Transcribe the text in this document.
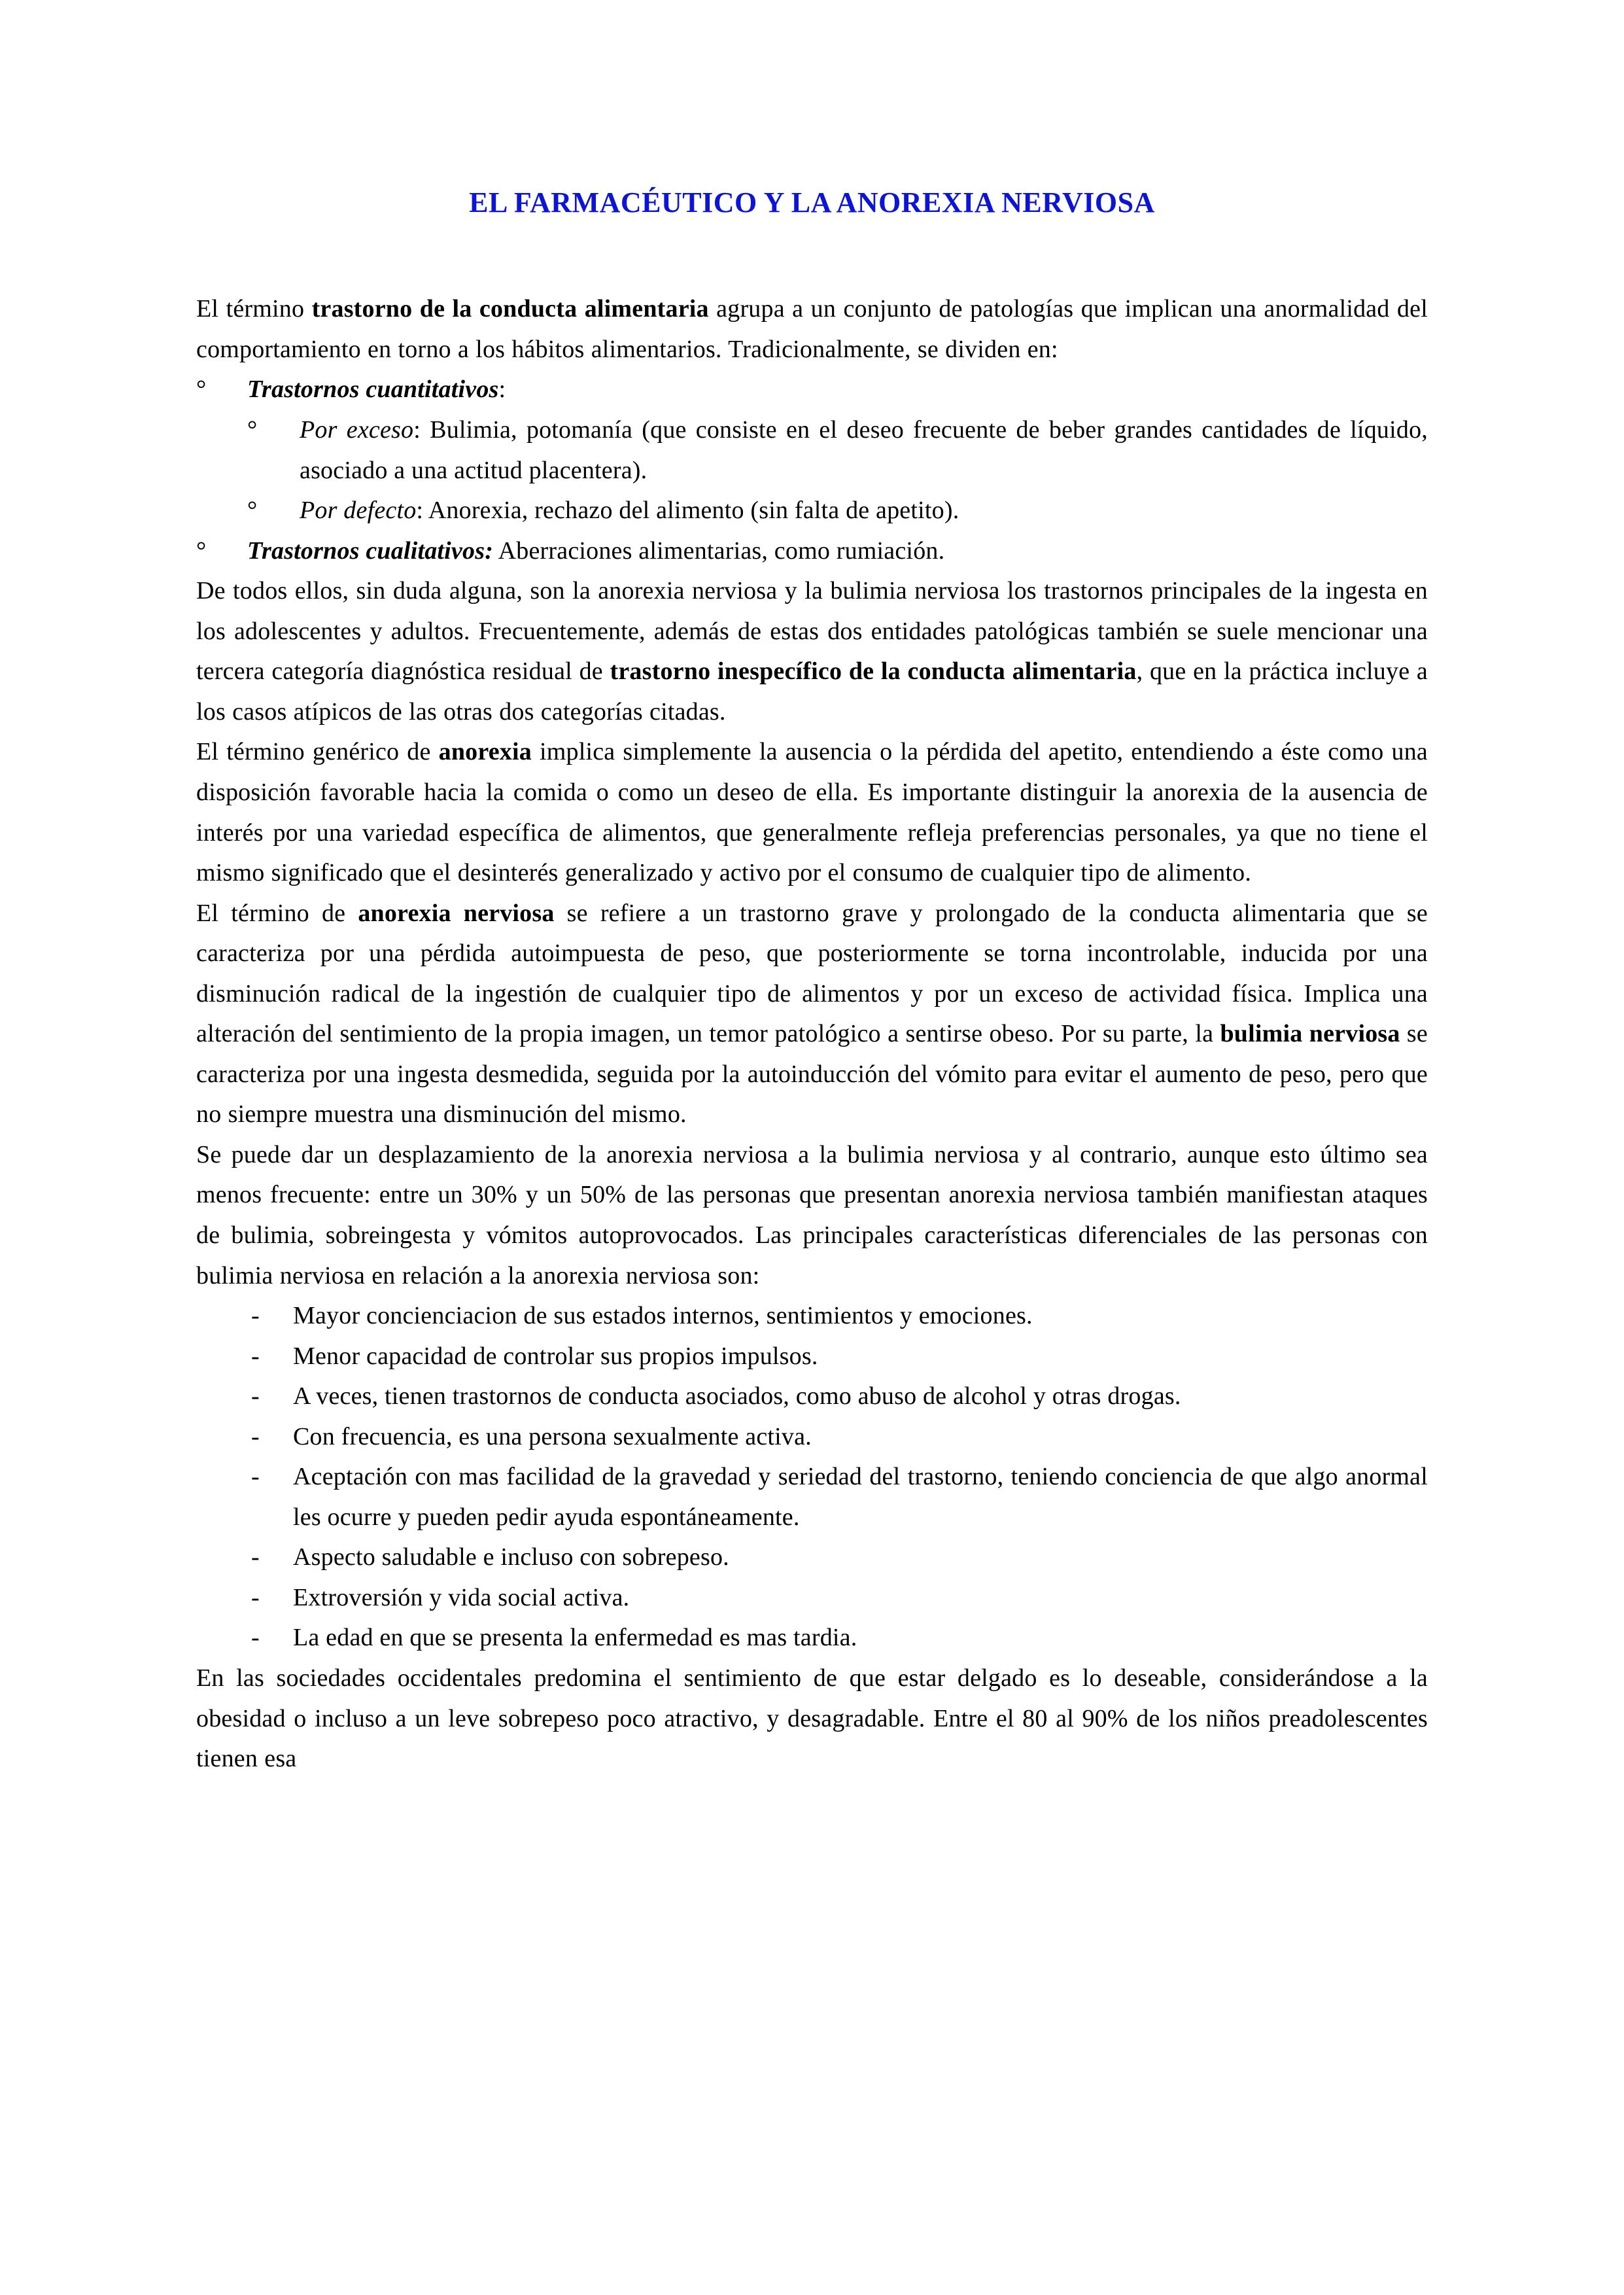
EL FARMACÉUTICO Y LA ANOREXIA NERVIOSA

El término trastorno de la conducta alimentaria agrupa a un conjunto de patologías que implican una anormalidad del comportamiento en torno a los hábitos alimentarios. Tradicionalmente, se dividen en:

° Trastornos cuantitativos:
° Por exceso: Bulimia, potomanía (que consiste en el deseo frecuente de beber grandes cantidades de líquido, asociado a una actitud placentera).
° Por defecto: Anorexia, rechazo del alimento (sin falta de apetito).
° Trastornos cualitativos: Aberraciones alimentarias, como rumiación.

De todos ellos, sin duda alguna, son la anorexia nerviosa y la bulimia nerviosa los trastornos principales de la ingesta en los adolescentes y adultos. Frecuentemente, además de estas dos entidades patológicas también se suele mencionar una tercera categoría diagnóstica residual de trastorno inespecífico de la conducta alimentaria, que en la práctica incluye a los casos atípicos de las otras dos categorías citadas.

El término genérico de anorexia implica simplemente la ausencia o la pérdida del apetito, entendiendo a éste como una disposición favorable hacia la comida o como un deseo de ella. Es importante distinguir la anorexia de la ausencia de interés por una variedad específica de alimentos, que generalmente refleja preferencias personales, ya que no tiene el mismo significado que el desinterés generalizado y activo por el consumo de cualquier tipo de alimento.

El término de anorexia nerviosa se refiere a un trastorno grave y prolongado de la conducta alimentaria que se caracteriza por una pérdida autoimpuesta de peso, que posteriormente se torna incontrolable, inducida por una disminución radical de la ingestión de cualquier tipo de alimentos y por un exceso de actividad física. Implica una alteración del sentimiento de la propia imagen, un temor patológico a sentirse obeso. Por su parte, la bulimia nerviosa se caracteriza por una ingesta desmedida, seguida por la autoinducción del vómito para evitar el aumento de peso, pero que no siempre muestra una disminución del mismo.

Se puede dar un desplazamiento de la anorexia nerviosa a la bulimia nerviosa y al contrario, aunque esto último sea menos frecuente: entre un 30% y un 50% de las personas que presentan anorexia nerviosa también manifiestan ataques de bulimia, sobreingesta y vómitos autoprovocados. Las principales características diferenciales de las personas con bulimia nerviosa en relación a la anorexia nerviosa son:

- Mayor concienciacion de sus estados internos, sentimientos y emociones.
- Menor capacidad de controlar sus propios impulsos.
- A veces, tienen trastornos de conducta asociados, como abuso de alcohol y otras drogas.
- Con frecuencia, es una persona sexualmente activa.
- Aceptación con mas facilidad de la gravedad y seriedad del trastorno, teniendo conciencia de que algo anormal les ocurre y pueden pedir ayuda espontáneamente.
- Aspecto saludable e incluso con sobrepeso.
- Extroversión y vida social activa.
- La edad en que se presenta la enfermedad es mas tardia.

En las sociedades occidentales predomina el sentimiento de que estar delgado es lo deseable, considerándose a la obesidad o incluso a un leve sobrepeso poco atractivo, y desagradable. Entre el 80 al 90% de los niños preadolescentes tienen esa
